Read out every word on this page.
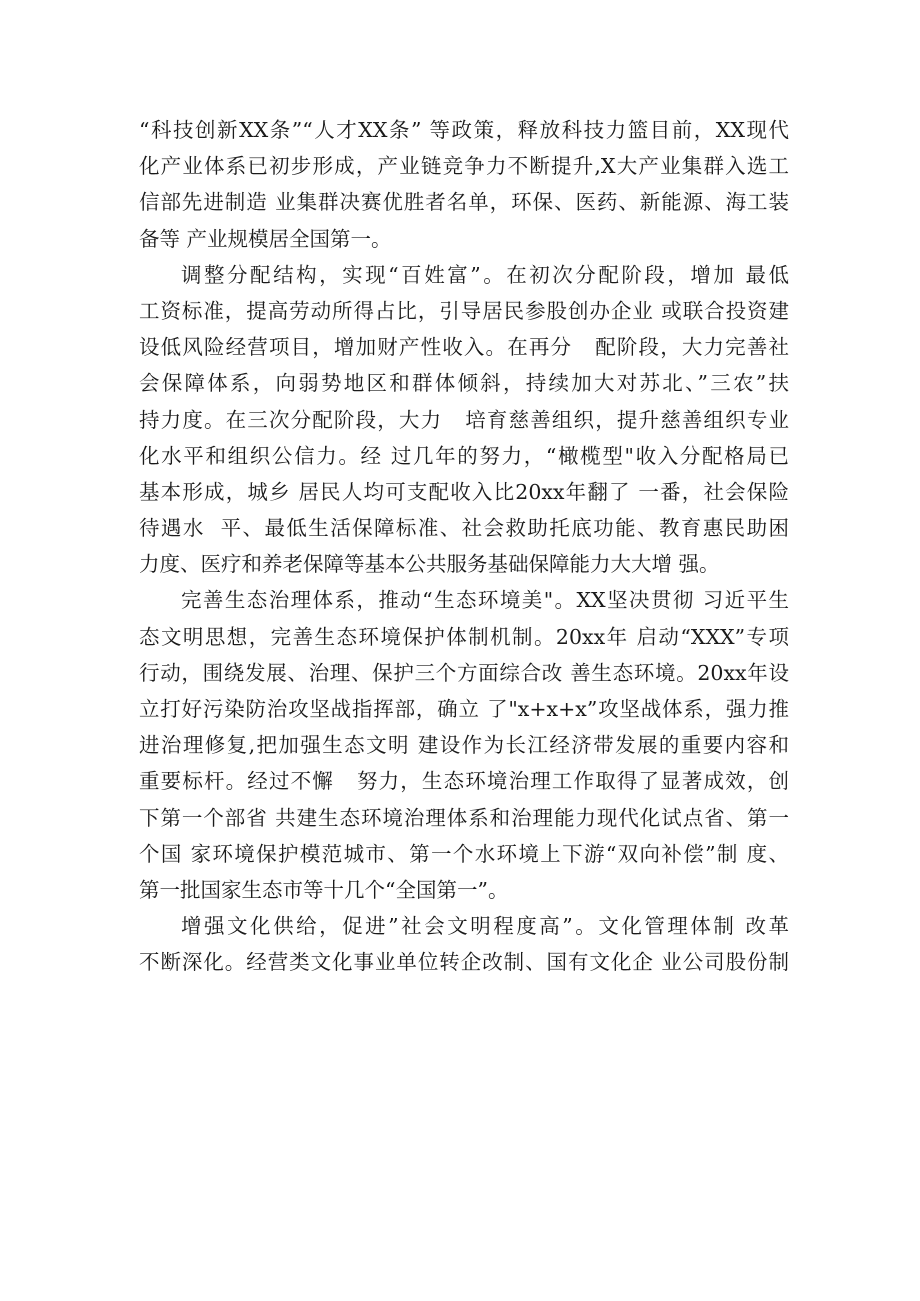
“科技创新XX条”“人才XX条” 等政策，释放科技力篮目前，XX现代
化产业体系已初步形成，产业链竞争力不断提升,X大产业集群入选工
信部先进制造 业集群决赛优胜者名单，环保、医药、新能源、海工装
备等 产业规模居全国第一。
调整分配结构，实现“百姓富”。在初次分配阶段，增加 最低
工资标准，提高劳动所得占比，引导居民参股创办企业 或联合投资建
设低风险经营项目，增加财产性收入。在再分   配阶段，大力完善社
会保障体系，向弱势地区和群体倾斜，持续加大对苏北、”三农”扶
持力度。在三次分配阶段，大力   培育慈善组织，提升慈善组织专业
化水平和组织公信力。经 过几年的努力，“橄榄型"收入分配格局已
基本形成，城乡 居民人均可支配收入比20xx年翻了 一番，社会保险
待遇水  平、最低生活保障标准、社会救助托底功能、教育惠民助困
力度、医疗和养老保障等基本公共服务基础保障能力大大增 强。
完善生态治理体系，推动“生态环境美"。XX坚决贯彻 习近平生
态文明思想，完善生态环境保护体制机制。20xx年 启动“XXX”专项
行动，围绕发展、治理、保护三个方面综合改 善生态环境。20xx年设
立打好污染防治攻坚战指挥部，确立 了"x+x+x”攻坚战体系，强力推
进治理修复,把加强生态文明 建设作为长江经济带发展的重要内容和
重要标杆。经过不懈   努力，生态环境治理工作取得了显著成效，创
下第一个部省 共建生态环境治理体系和治理能力现代化试点省、第一
个国 家环境保护模范城市、第一个水环境上下游“双向补偿”制 度、
第一批国家生态市等十几个“全国第一”。
增强文化供给，促进”社会文明程度高”。文化管理体制 改革
不断深化。经营类文化事业单位转企改制、国有文化企 业公司股份制
